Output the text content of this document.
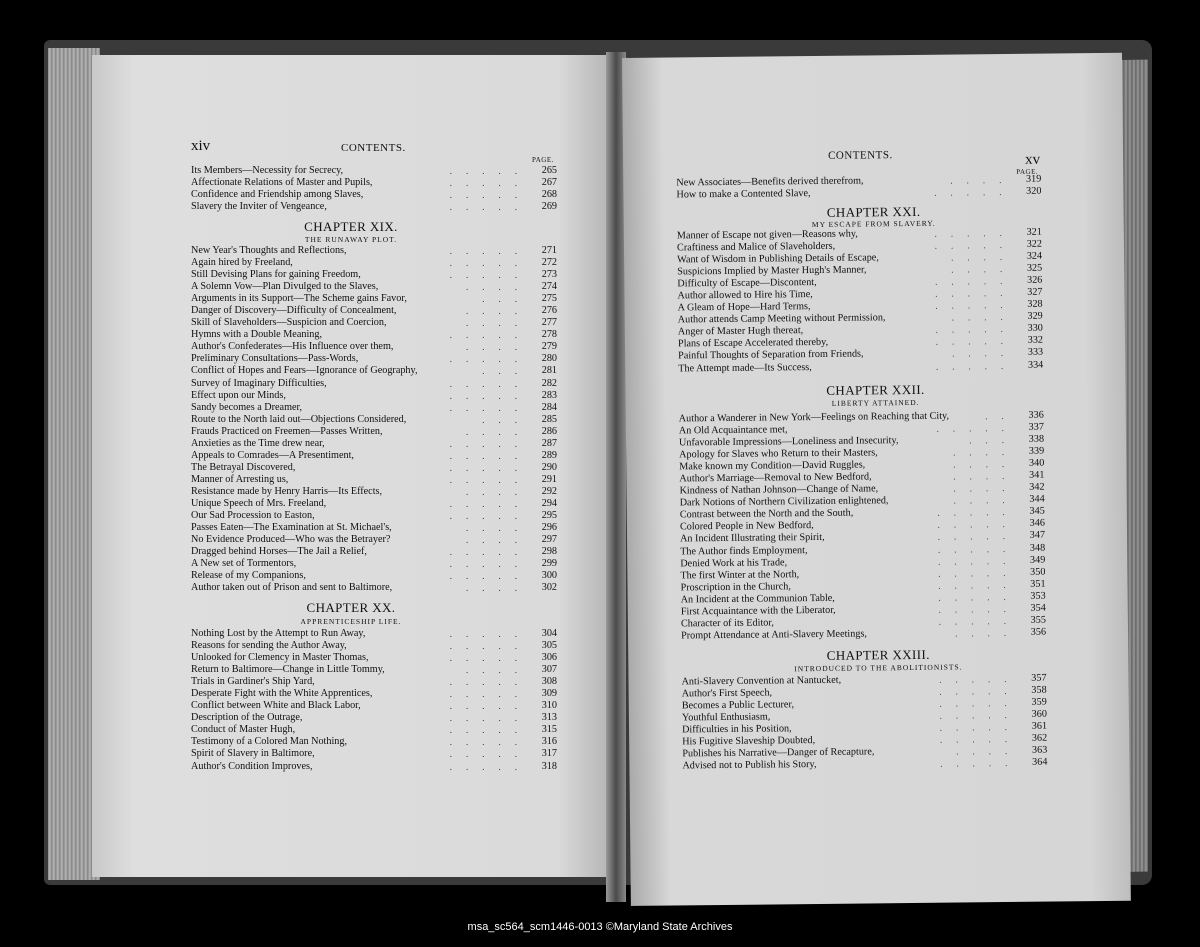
xiv	CONTENTS.
PAGE.
Its Members—Necessity for Secrecy,	..... 265
Affectionate Relations of Master and Pupils,	..... 267
Confidence and Friendship among Slaves,	..... 268
Slavery the Inviter of Vengeance,	..... 269
CHAPTER XIX.
THE RUNAWAY PLOT.
New Year's Thoughts and Reflections,	..... 271
Again hired by Freeland,	..... 272
Still Devising Plans for gaining Freedom,	..... 273
A Solemn Vow—Plan Divulged to the Slaves,	.... 274
Arguments in its Support—The Scheme gains Favor,	... 275
Danger of Discovery—Difficulty of Concealment,	.... 276
Skill of Slaveholders—Suspicion and Coercion,	.... 277
Hymns with a Double Meaning,	..... 278
Author's Confederates—His Influence over them,	.... 279
Preliminary Consultations—Pass-Words,	..... 280
Conflict of Hopes and Fears—Ignorance of Geography,	... 281
Survey of Imaginary Difficulties,	..... 282
Effect upon our Minds,	..... 283
Sandy becomes a Dreamer,	..... 284
Route to the North laid out—Objections Considered,	... 285
Frauds Practiced on Freemen—Passes Written,	.... 286
Anxieties as the Time drew near,	..... 287
Appeals to Comrades—A Presentiment,	..... 289
The Betrayal Discovered,	..... 290
Manner of Arresting us,	..... 291
Resistance made by Henry Harris—Its Effects,	.... 292
Unique Speech of Mrs. Freeland,	..... 294
Our Sad Procession to Easton,	..... 295
Passes Eaten—The Examination at St. Michael's,	.... 296
No Evidence Produced—Who was the Betrayer?	.... 297
Dragged behind Horses—The Jail a Relief,	..... 298
A New set of Tormentors,	..... 299
Release of my Companions,	..... 300
Author taken out of Prison and sent to Baltimore,	.... 302
CHAPTER XX.
APPRENTICESHIP LIFE.
Nothing Lost by the Attempt to Run Away,	..... 304
Reasons for sending the Author Away,	..... 305
Unlooked for Clemency in Master Thomas,	..... 306
Return to Baltimore—Change in Little Tommy,	.... 307
Trials in Gardiner's Ship Yard,	..... 308
Desperate Fight with the White Apprentices,	..... 309
Conflict between White and Black Labor,	..... 310
Description of the Outrage,	..... 313
Conduct of Master Hugh,	..... 315
Testimony of a Colored Man Nothing,	..... 316
Spirit of Slavery in Baltimore,	..... 317
Author's Condition Improves,	..... 318
CONTENTS.	xv
PAGE.
New Associates—Benefits derived therefrom,	.... 319
How to make a Contented Slave,	..... 320
CHAPTER XXI.
MY ESCAPE FROM SLAVERY.
Manner of Escape not given—Reasons why,	..... 321
Craftiness and Malice of Slaveholders,	..... 322
Want of Wisdom in Publishing Details of Escape,	.... 324
Suspicions Implied by Master Hugh's Manner,	.... 325
Difficulty of Escape—Discontent,	..... 326
Author allowed to Hire his Time,	..... 327
A Gleam of Hope—Hard Terms,	..... 328
Author attends Camp Meeting without Permission,	.... 329
Anger of Master Hugh thereat,	..... 330
Plans of Escape Accelerated thereby,	..... 332
Painful Thoughts of Separation from Friends,	.... 333
The Attempt made—Its Success,	..... 334
CHAPTER XXII.
LIBERTY ATTAINED.
Author a Wanderer in New York—Feelings on Reaching that City,	.. 336
An Old Acquaintance met,	..... 337
Unfavorable Impressions—Loneliness and Insecurity,	... 338
Apology for Slaves who Return to their Masters,	.... 339
Make known my Condition—David Ruggles,	.... 340
Author's Marriage—Removal to New Bedford,	.... 341
Kindness of Nathan Johnson—Change of Name,	.... 342
Dark Notions of Northern Civilization enlightened,	.... 344
Contrast between the North and the South,	..... 345
Colored People in New Bedford,	..... 346
An Incident Illustrating their Spirit,	..... 347
The Author finds Employment,	..... 348
Denied Work at his Trade,	..... 349
The first Winter at the North,	..... 350
Proscription in the Church,	..... 351
An Incident at the Communion Table,	..... 353
First Acquaintance with the Liberator,	..... 354
Character of its Editor,	..... 355
Prompt Attendance at Anti-Slavery Meetings,	.... 356
CHAPTER XXIII.
INTRODUCED TO THE ABOLITIONISTS.
Anti-Slavery Convention at Nantucket,	..... 357
Author's First Speech,	..... 358
Becomes a Public Lecturer,	..... 359
Youthful Enthusiasm,	..... 360
Difficulties in his Position,	..... 361
His Fugitive Slaveship Doubted,	..... 362
Publishes his Narrative—Danger of Recapture,	.... 363
Advised not to Publish his Story,	..... 364
msa_sc564_scm1446-0013 ©Maryland State Archives
